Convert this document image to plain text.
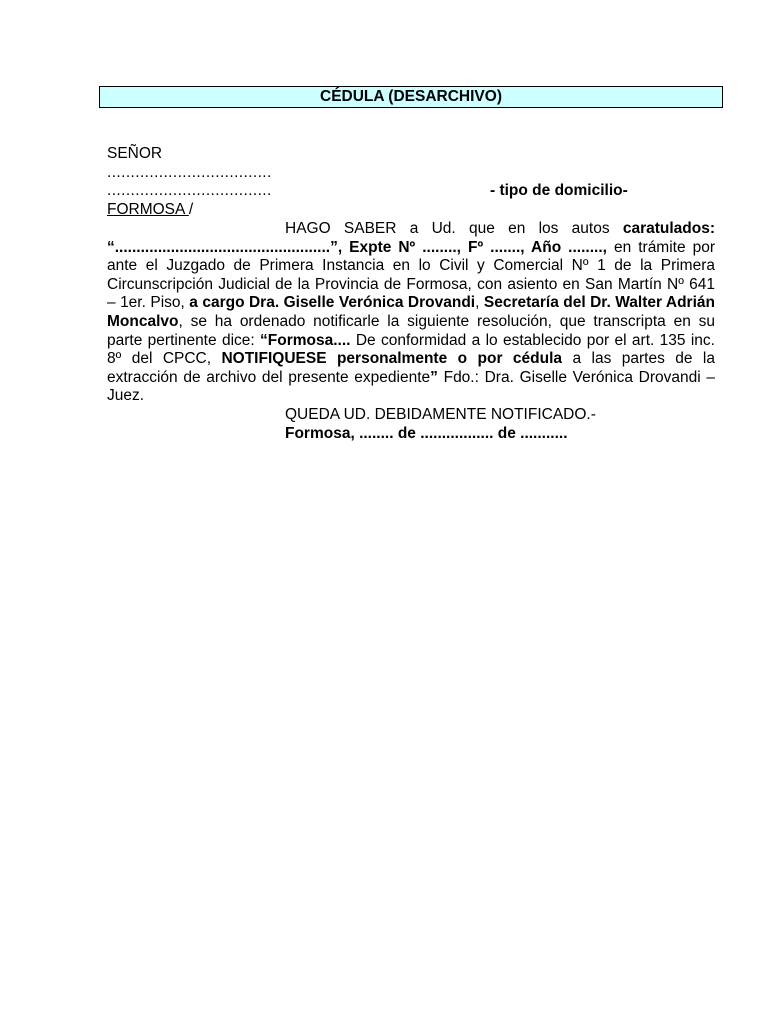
CÉDULA (DESARCHIVO)
SEÑOR
...................................
...................................	- tipo de domicilio-
FORMOSA /
HAGO SABER a Ud. que en los autos caratulados: “..................................................”, Expte Nº ........, Fº ......., Año ........, en trámite por ante el Juzgado de Primera Instancia en lo Civil y Comercial Nº 1 de la Primera Circunscripción Judicial de la Provincia de Formosa, con asiento en San Martín Nº 641 – 1er. Piso, a cargo Dra. Giselle Verónica Drovandi, Secretaría del Dr. Walter Adrián Moncalvo, se ha ordenado notificarle la siguiente resolución, que transcripta en su parte pertinente dice: “Formosa.... De conformidad a lo establecido por el art. 135 inc. 8º del CPCC, NOTIFIQUESE personalmente o por cédula a las partes de la extracción de archivo del presente expediente” Fdo.: Dra. Giselle Verónica Drovandi – Juez.
QUEDA UD. DEBIDAMENTE NOTIFICADO.-
Formosa, ........ de ................. de ...........
